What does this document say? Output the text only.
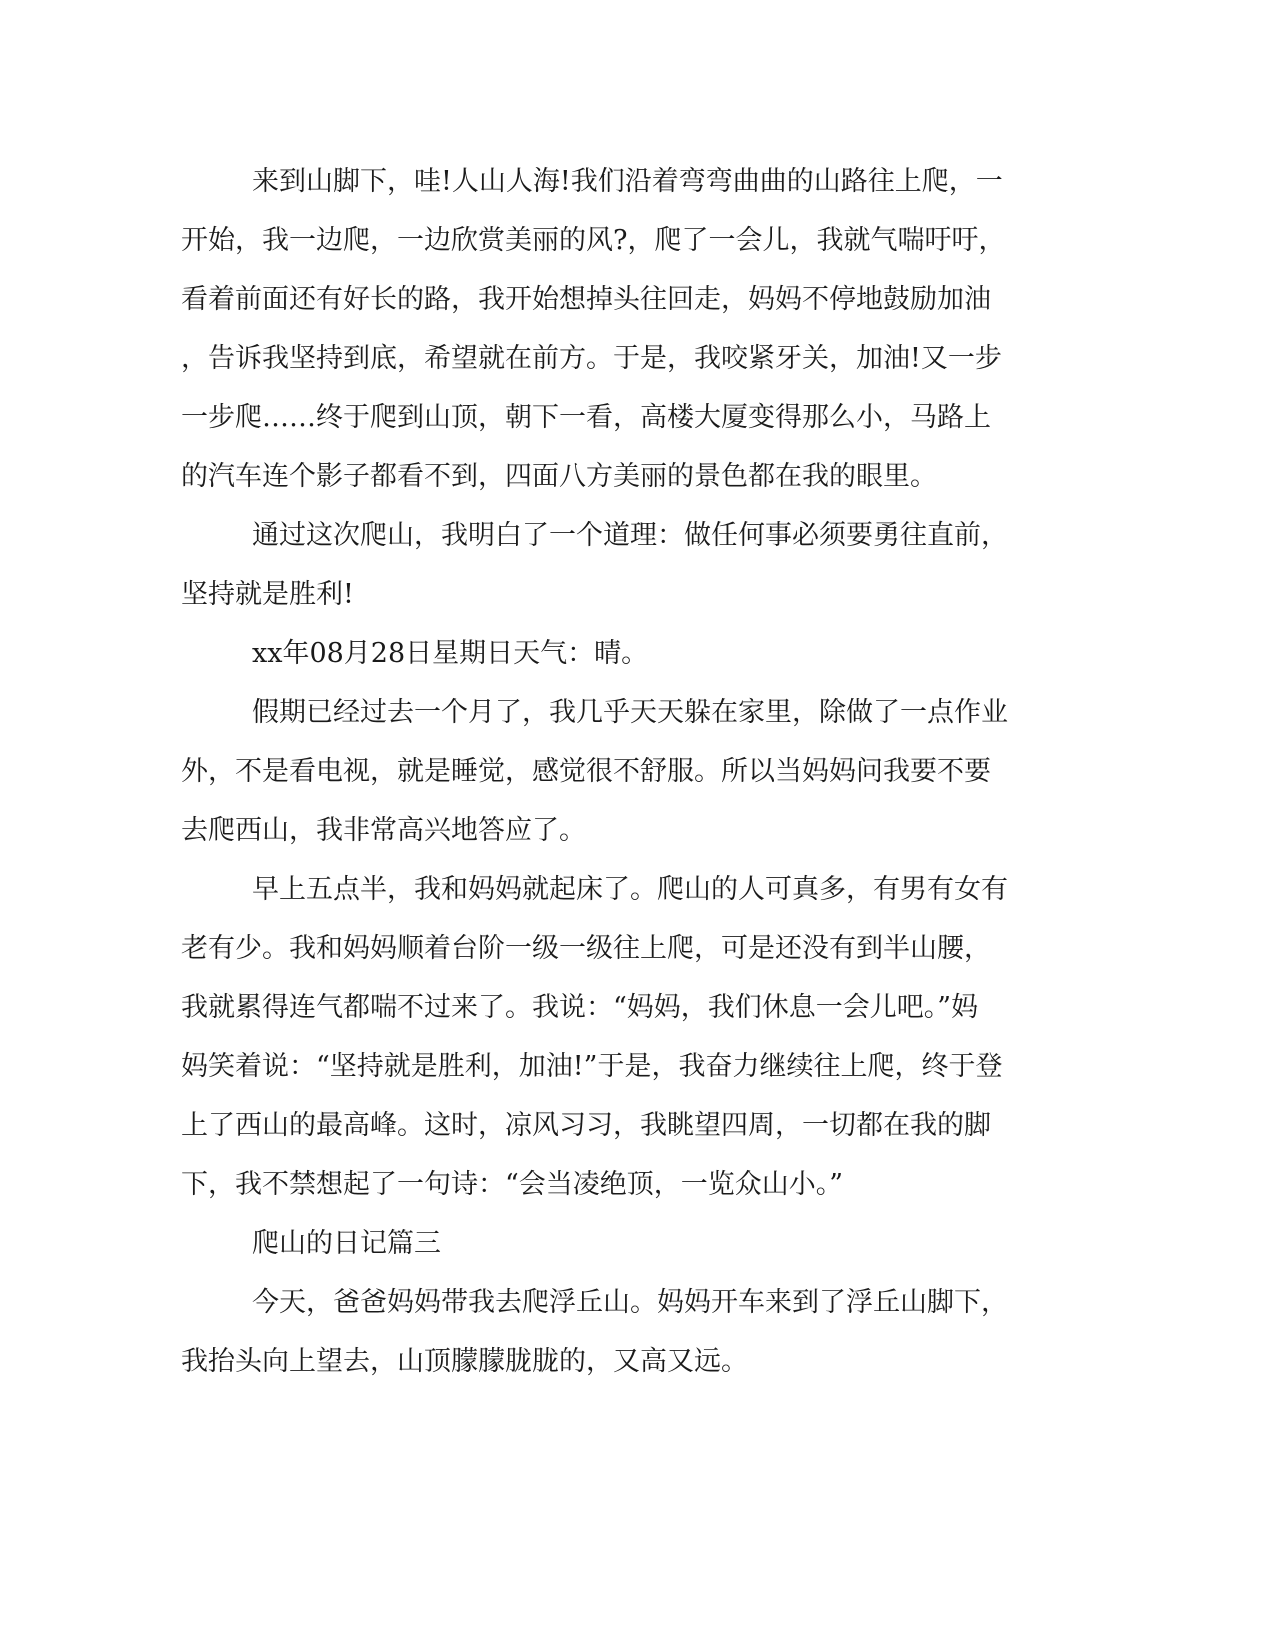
来到山脚下，哇!人山人海!我们沿着弯弯曲曲的山路往上爬，一
开始，我一边爬，一边欣赏美丽的风?，爬了一会儿，我就气喘吁吁，
看着前面还有好长的路，我开始想掉头往回走，妈妈不停地鼓励加油
，告诉我坚持到底，希望就在前方。于是，我咬紧牙关，加油!又一步
一步爬……终于爬到山顶，朝下一看，高楼大厦变得那么小，马路上
的汽车连个影子都看不到，四面八方美丽的景色都在我的眼里。
通过这次爬山，我明白了一个道理：做任何事必须要勇往直前，
坚持就是胜利!
xx年08月28日星期日天气：晴。
假期已经过去一个月了，我几乎天天躲在家里，除做了一点作业
外，不是看电视，就是睡觉，感觉很不舒服。所以当妈妈问我要不要
去爬西山，我非常高兴地答应了。
早上五点半，我和妈妈就起床了。爬山的人可真多，有男有女有
老有少。我和妈妈顺着台阶一级一级往上爬，可是还没有到半山腰，
我就累得连气都喘不过来了。我说：“妈妈，我们休息一会儿吧。”妈
妈笑着说：“坚持就是胜利，加油!”于是，我奋力继续往上爬，终于登
上了西山的最高峰。这时，凉风习习，我眺望四周，一切都在我的脚
下，我不禁想起了一句诗：“会当凌绝顶，一览众山小。”
爬山的日记篇三
今天，爸爸妈妈带我去爬浮丘山。妈妈开车来到了浮丘山脚下，
我抬头向上望去，山顶朦朦胧胧的，又高又远。
